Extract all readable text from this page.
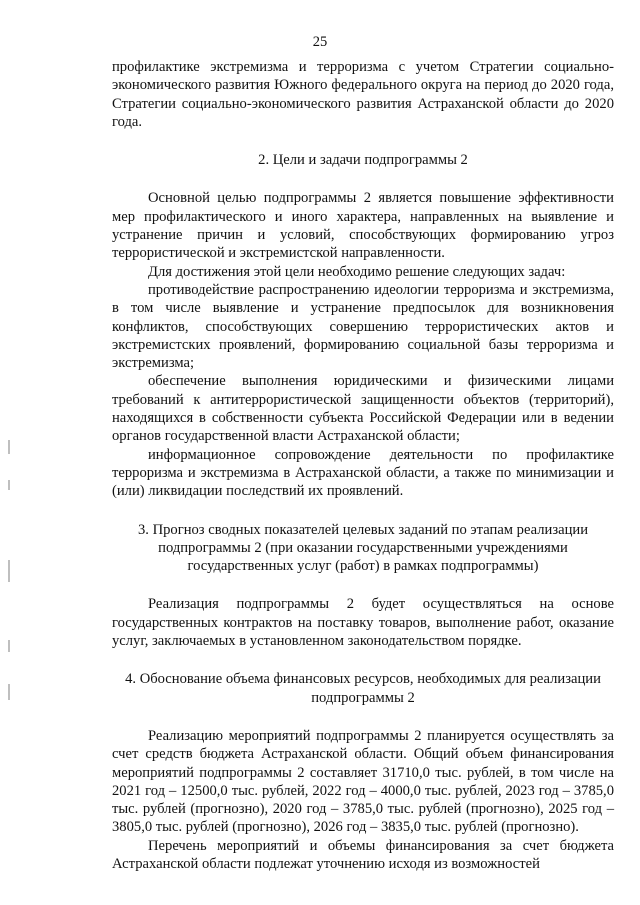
25

профилактике экстремизма и терроризма с учетом Стратегии социально-экономического развития Южного федерального округа на период до 2020 года, Стратегии социально-экономического развития Астраханской области до 2020 года.

2. Цели и задачи подпрограммы 2

Основной целью подпрограммы 2 является повышение эффективности мер профилактического и иного характера, направленных на выявление и устранение причин и условий, способствующих формированию угроз террористической и экстремистской направленности.

Для достижения этой цели необходимо решение следующих задач:

противодействие распространению идеологии терроризма и экстремизма, в том числе выявление и устранение предпосылок для возникновения конфликтов, способствующих совершению террористических актов и экстремистских проявлений, формированию социальной базы терроризма и экстремизма;

обеспечение выполнения юридическими и физическими лицами требований к антитеррористической защищенности объектов (территорий), находящихся в собственности субъекта Российской Федерации или в ведении органов государственной власти Астраханской области;

информационное сопровождение деятельности по профилактике терроризма и экстремизма в Астраханской области, а также по минимизации и (или) ликвидации последствий их проявлений.

3. Прогноз сводных показателей целевых заданий по этапам реализации
подпрограммы 2 (при оказании государственными учреждениями
государственных услуг (работ) в рамках подпрограммы)

Реализация подпрограммы 2 будет осуществляться на основе государственных контрактов на поставку товаров, выполнение работ, оказание услуг, заключаемых в установленном законодательством порядке.

4. Обоснование объема финансовых ресурсов, необходимых для реализации
подпрограммы 2

Реализацию мероприятий подпрограммы 2 планируется осуществлять за счет средств бюджета Астраханской области. Общий объем финансирования мероприятий подпрограммы 2 составляет 31710,0 тыс. рублей, в том числе на 2021 год – 12500,0 тыс. рублей, 2022 год – 4000,0 тыс. рублей, 2023 год – 3785,0 тыс. рублей (прогнозно), 2020 год – 3785,0 тыс. рублей (прогнозно), 2025 год – 3805,0 тыс. рублей (прогнозно), 2026 год – 3835,0 тыс. рублей (прогнозно).

Перечень мероприятий и объемы финансирования за счет бюджета Астраханской области подлежат уточнению исходя из возможностей
